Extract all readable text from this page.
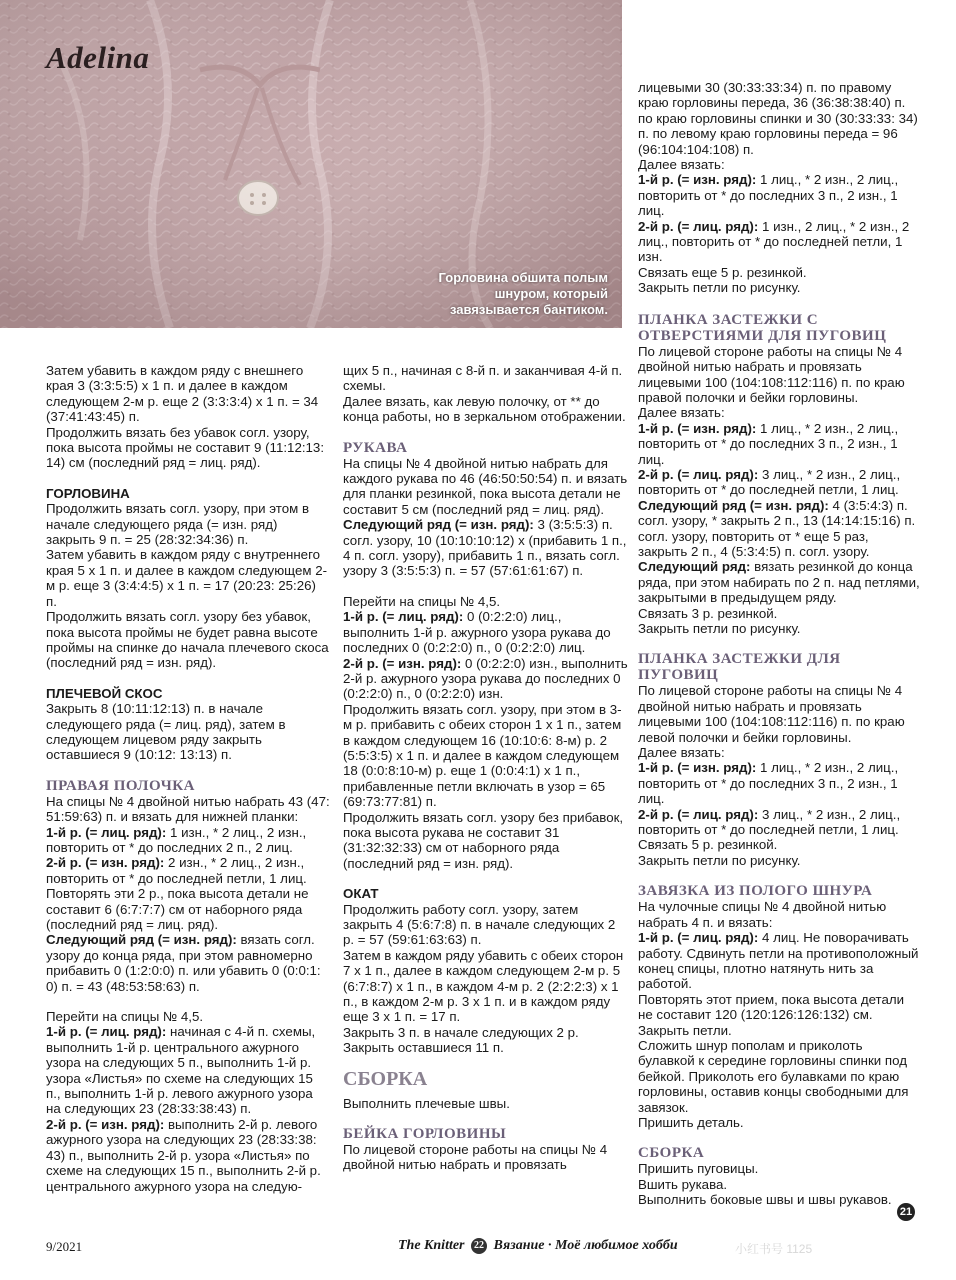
Adelina
Горловина обшита полым
шнуром, который
завязывается бантиком.

Затем убавить в каждом ряду с внешнего края 3 (3:3:5:5) х 1 п. и далее в каждом следующем 2-м р. еще 2 (3:3:3:4) х 1 п. = 34 (37:41:43:45) п.

Продолжить вязать без убавок согл. узору, пока высота проймы не составит 9 (11:12:13: 14) см (последний ряд = лиц. ряд).

ГОРЛОВИНА

Продолжить вязать согл. узору, при этом в начале следующего ряда (= изн. ряд) закрыть 9 п. = 25 (28:32:34:36) п.

Затем убавить в каждом ряду с внутреннего края 5 х 1 п. и далее в каждом следующем 2-м р. еще 3 (3:4:4:5) х 1 п. = 17 (20:23: 25:26) п.

Продолжить вязать согл. узору без убавок, пока высота проймы не будет равна высоте проймы на спинке до начала плечевого скоса (последний ряд = изн. ряд).

ПЛЕЧЕВОЙ СКОС

Закрыть 8 (10:11:12:13) п. в начале следующего ряда (= лиц. ряд), затем в следующем лицевом ряду закрыть оставшиеся 9 (10:12: 13:13) п.

ПРАВАЯ ПОЛОЧКА

На спицы № 4 двойной нитью набрать 43 (47: 51:59:63) п. и вязать для нижней планки:

1-й р. (= лиц. ряд): 1 изн., * 2 лиц., 2 изн., повторить от * до последних 2 п., 2 лиц.

2-й р. (= изн. ряд): 2 изн., * 2 лиц., 2 изн., повторить от * до последней петли, 1 лиц.

Повторять эти 2 р., пока высота детали не составит 6 (6:7:7:7) см от наборного ряда (последний ряд = лиц. ряд).

Следующий ряд (= изн. ряд): вязать согл. узору до конца ряда, при этом равномерно прибавить 0 (1:2:0:0) п. или убавить 0 (0:0:1: 0) п. = 43 (48:53:58:63) п.

Перейти на спицы № 4,5.

1-й р. (= лиц. ряд): начиная с 4-й п. схемы, выполнить 1-й р. центрального ажурного узора на следующих 5 п., выполнить 1-й р. узора «Листья» по схеме на следующих 15 п., выполнить 1-й р. левого ажурного узора на следующих 23 (28:33:38:43) п.

2-й р. (= изн. ряд): выполнить 2-й р. левого ажурного узора на следующих 23 (28:33:38: 43) п., выполнить 2-й р. узора «Листья» по схеме на следующих 15 п., выполнить 2-й р. центрального ажурного узора на следую-

щих 5 п., начиная с 8-й п. и заканчивая 4-й п. схемы.

Далее вязать, как левую полочку, от ** до конца работы, но в зеркальном отображении.

РУКАВА

На спицы № 4 двойной нитью набрать для каждого рукава по 46 (46:50:50:54) п. и вязать для планки резинкой, пока высота детали не составит 5 см (последний ряд = лиц. ряд).

Следующий ряд (= изн. ряд): 3 (3:5:5:3) п. согл. узору, 10 (10:10:10:12) х (прибавить 1 п., 4 п. согл. узору), прибавить 1 п., вязать согл. узору 3 (3:5:5:3) п. = 57 (57:61:61:67) п.

Перейти на спицы № 4,5.

1-й р. (= лиц. ряд): 0 (0:2:2:0) лиц., выполнить 1-й р. ажурного узора рукава до последних 0 (0:2:2:0) п., 0 (0:2:2:0) лиц.

2-й р. (= изн. ряд): 0 (0:2:2:0) изн., выполнить 2-й р. ажурного узора рукава до последних 0 (0:2:2:0) п., 0 (0:2:2:0) изн.

Продолжить вязать согл. узору, при этом в 3-м р. прибавить с обеих сторон 1 х 1 п., затем в каждом следующем 16 (10:10:6: 8-м) р. 2 (5:5:3:5) х 1 п. и далее в каждом следующем 18 (0:0:8:10-м) р. еще 1 (0:0:4:1) х 1 п., прибавленные петли включать в узор = 65 (69:73:77:81) п.

Продолжить вязать согл. узору без прибавок, пока высота рукава не составит 31 (31:32:32:33) см от наборного ряда (последний ряд = изн. ряд).

ОКАТ

Продолжить работу согл. узору, затем закрыть 4 (5:6:7:8) п. в начале следующих 2 р. = 57 (59:61:63:63) п.

Затем в каждом ряду убавить с обеих сторон 7 х 1 п., далее в каждом следующем 2-м р. 5 (6:7:8:7) х 1 п., в каждом 4-м р. 2 (2:2:2:3) х 1 п., в каждом 2-м р. 3 х 1 п. и в каждом ряду еще 3 х 1 п. = 17 п.

Закрыть 3 п. в начале следующих 2 р.

Закрыть оставшиеся 11 п.

СБОРКА

Выполнить плечевые швы.

БЕЙКА ГОРЛОВИНЫ

По лицевой стороне работы на спицы № 4 двойной нитью набрать и провязать

лицевыми 30 (30:33:33:34) п. по правому краю горловины переда, 36 (36:38:38:40) п. по краю горловины спинки и 30 (30:33:33: 34) п. по левому краю горловины переда = 96 (96:104:104:108) п.

Далее вязать:

1-й р. (= изн. ряд): 1 лиц., * 2 изн., 2 лиц., повторить от * до последних 3 п., 2 изн., 1 лиц.

2-й р. (= лиц. ряд): 1 изн., 2 лиц., * 2 изн., 2 лиц., повторить от * до последней петли, 1 изн.

Связать еще 5 р. резинкой.

Закрыть петли по рисунку.

ПЛАНКА ЗАСТЕЖКИ С ОТВЕРСТИЯМИ ДЛЯ ПУГОВИЦ

По лицевой стороне работы на спицы № 4 двойной нитью набрать и провязать лицевыми 100 (104:108:112:116) п. по краю правой полочки и бейки горловины.

Далее вязать:

1-й р. (= изн. ряд): 1 лиц., * 2 изн., 2 лиц., повторить от * до последних 3 п., 2 изн., 1 лиц.

2-й р. (= лиц. ряд): 3 лиц., * 2 изн., 2 лиц., повторить от * до последней петли, 1 лиц.

Следующий ряд (= изн. ряд): 4 (3:5:4:3) п. согл. узору, * закрыть 2 п., 13 (14:14:15:16) п. согл. узору, повторить от * еще 5 раз, закрыть 2 п., 4 (5:3:4:5) п. согл. узору.

Следующий ряд: вязать резинкой до конца ряда, при этом набирать по 2 п. над петлями, закрытыми в предыдущем ряду.

Связать 3 р. резинкой.

Закрыть петли по рисунку.

ПЛАНКА ЗАСТЕЖКИ ДЛЯ ПУГОВИЦ

По лицевой стороне работы на спицы № 4 двойной нитью набрать и провязать лицевыми 100 (104:108:112:116) п. по краю левой полочки и бейки горловины.

Далее вязать:

1-й р. (= изн. ряд): 1 лиц., * 2 изн., 2 лиц., повторить от * до последних 3 п., 2 изн., 1 лиц.

2-й р. (= лиц. ряд): 3 лиц., * 2 изн., 2 лиц., повторить от * до последней петли, 1 лиц.

Связать 5 р. резинкой.

Закрыть петли по рисунку.

ЗАВЯЗКА ИЗ ПОЛОГО ШНУРА

На чулочные спицы № 4 двойной нитью набрать 4 п. и вязать:

1-й р. (= лиц. ряд): 4 лиц. Не поворачивать работу. Сдвинуть петли на противоположный конец спицы, плотно натянуть нить за работой.

Повторять этот прием, пока высота детали не составит 120 (120:126:126:132) см.

Закрыть петли.

Сложить шнур пополам и приколоть булавкой к середине горловины спинки под бейкой. Приколоть его булавками по краю горловины, оставив концы свободными для завязок.

Пришить деталь.

СБОРКА

Пришить пуговицы.

Вшить рукава.

Выполнить боковые швы и швы рукавов.

21
9/2021	The Knitter 22 Вязание · Моё любимое хобби	小红书号 1125
